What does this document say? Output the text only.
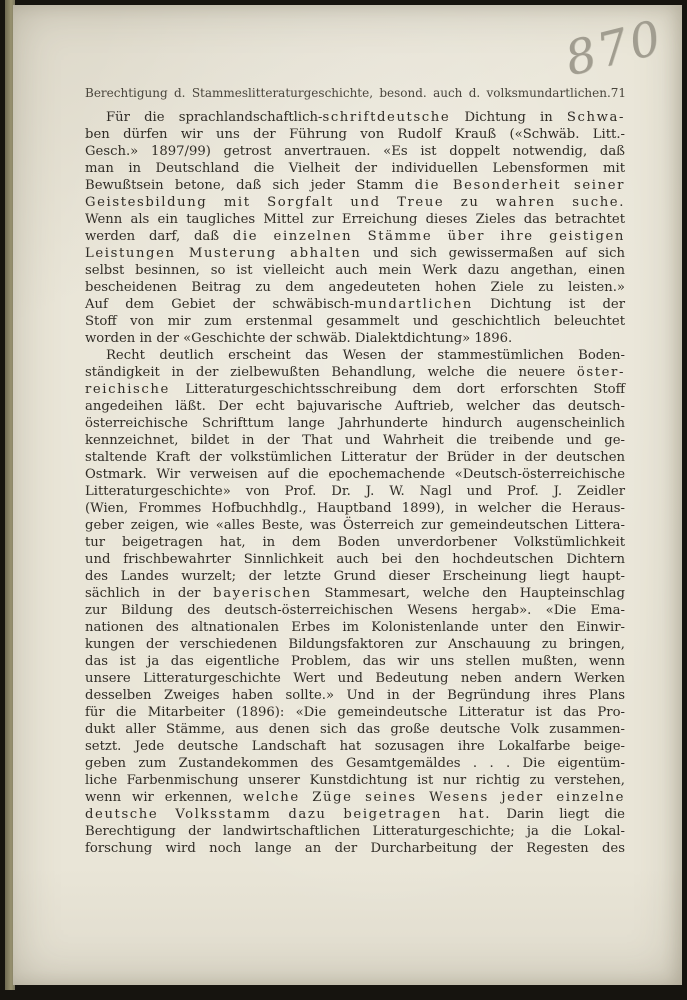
870
Berechtigung d. Stammeslitteraturgeschichte, besond. auch d. volksmundartlichen. 71
Für die sprachlandschaftlich-schriftdeutsche Dichtung in Schwa-
ben dürfen wir uns der Führung von Rudolf Krauß («Schwäb. Litt.-
Gesch.» 1897/99) getrost anvertrauen. «Es ist doppelt notwendig, daß
man in Deutschland die Vielheit der individuellen Lebensformen mit
Bewußtsein betone, daß sich jeder Stamm die Besonderheit seiner
Geistesbildung mit Sorgfalt und Treue zu wahren suche.
Wenn als ein taugliches Mittel zur Erreichung dieses Zieles das betrachtet
werden darf, daß die einzelnen Stämme über ihre geistigen
Leistungen Musterung abhalten und sich gewissermaßen auf sich
selbst besinnen, so ist vielleicht auch mein Werk dazu angethan, einen
bescheidenen Beitrag zu dem angedeuteten hohen Ziele zu leisten.»
Auf dem Gebiet der schwäbisch-mundartlichen Dichtung ist der
Stoff von mir zum erstenmal gesammelt und geschichtlich beleuchtet
worden in der «Geschichte der schwäb. Dialektdichtung» 1896.
Recht deutlich erscheint das Wesen der stammestümlichen Boden-
ständigkeit in der zielbewußten Behandlung, welche die neuere öster-
reichische Litteraturgeschichtsschreibung dem dort erforschten Stoff
angedeihen läßt. Der echt bajuvarische Auftrieb, welcher das deutsch-
österreichische Schrifttum lange Jahrhunderte hindurch augenscheinlich
kennzeichnet, bildet in der That und Wahrheit die treibende und ge-
staltende Kraft der volkstümlichen Litteratur der Brüder in der deutschen
Ostmark. Wir verweisen auf die epochemachende «Deutsch-österreichische
Litteraturgeschichte» von Prof. Dr. J. W. Nagl und Prof. J. Zeidler
(Wien, Frommes Hofbuchhdlg., Hauptband 1899), in welcher die Heraus-
geber zeigen, wie «alles Beste, was Österreich zur gemeindeutschen Littera-
tur beigetragen hat, in dem Boden unverdorbener Volkstümlichkeit
und frischbewahrter Sinnlichkeit auch bei den hochdeutschen Dichtern
des Landes wurzelt; der letzte Grund dieser Erscheinung liegt haupt-
sächlich in der bayerischen Stammesart, welche den Haupteinschlag
zur Bildung des deutsch-österreichischen Wesens hergab». «Die Ema-
nationen des altnationalen Erbes im Kolonistenlande unter den Einwir-
kungen der verschiedenen Bildungsfaktoren zur Anschauung zu bringen,
das ist ja das eigentliche Problem, das wir uns stellen mußten, wenn
unsere Litteraturgeschichte Wert und Bedeutung neben andern Werken
desselben Zweiges haben sollte.» Und in der Begründung ihres Plans
für die Mitarbeiter (1896): «Die gemeindeutsche Litteratur ist das Pro-
dukt aller Stämme, aus denen sich das große deutsche Volk zusammen-
setzt. Jede deutsche Landschaft hat sozusagen ihre Lokalfarbe beige-
geben zum Zustandekommen des Gesamtgemäldes . . . Die eigentüm-
liche Farbenmischung unserer Kunstdichtung ist nur richtig zu verstehen,
wenn wir erkennen, welche Züge seines Wesens jeder einzelne
deutsche Volksstamm dazu beigetragen hat. Darin liegt die
Berechtigung der landwirtschaftlichen Litteraturgeschichte; ja die Lokal-
forschung wird noch lange an der Durcharbeitung der Regesten des
